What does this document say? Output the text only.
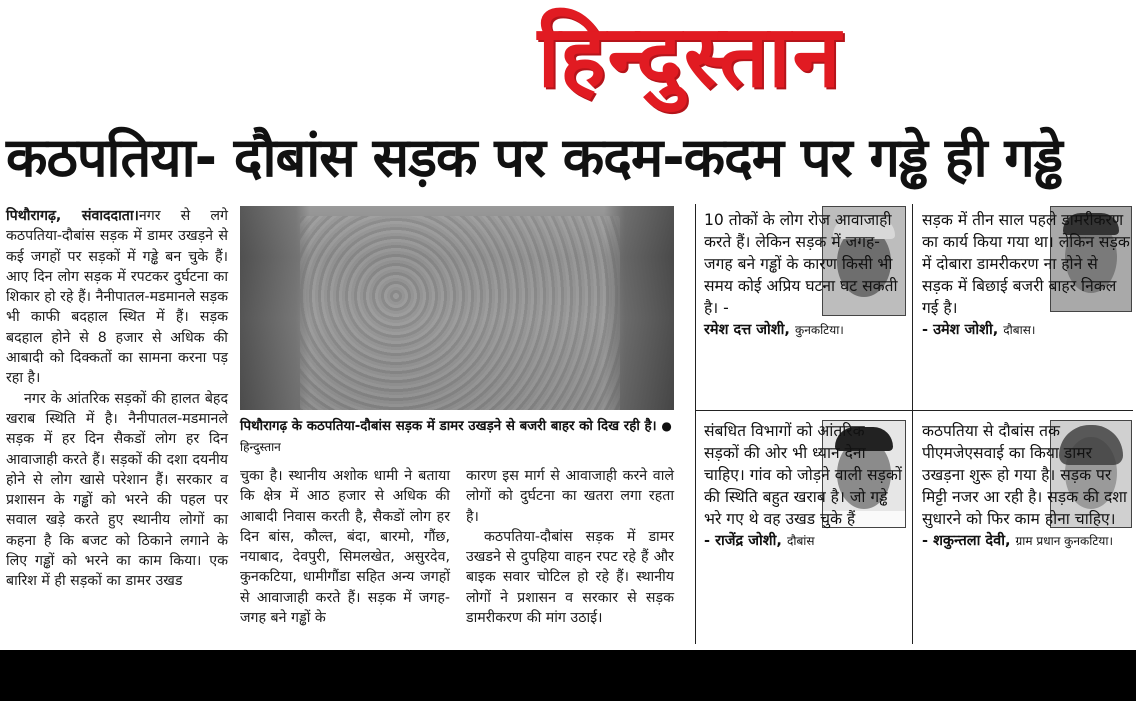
हिन्दुस्तान
कठपतिया- दौबांस सड़क पर कदम-कदम पर गड्ढे ही गड्ढे

पिथौरागढ़, संवाददाता।नगर से लगे कठपतिया-दौबांस सड़क में डामर उखड़ने से कई जगहों पर सड़कों में गड्ढे बन चुके हैं। आए दिन लोग सड़क में रपटकर दुर्घटना का शिकार हो रहे हैं। नैनीपातल-मडमानले सड़क भी काफी बदहाल स्थित में हैं। सड़क बदहाल होने से 8 हजार से अधिक की आबादी को दिक्कतों का सामना करना पड़ रहा है।

नगर के आंतरिक सड़कों की हालत बेहद खराब स्थिति में है। नैनीपातल-मडमानले सड़क में हर दिन सैकडों लोग हर दिन आवाजाही करते हैं। सड़कों की दशा दयनीय होने से लोग खासे परेशान हैं। सरकार व प्रशासन के गड्ढों को भरने की पहल पर सवाल खड़े करते हुए स्थानीय लोगों का कहना है कि बजट को ठिकाने लगाने के लिए गड्ढों को भरने का काम किया। एक बारिश में ही सड़कों का डामर उखड

पिथौरागढ़ के कठपतिया-दौबांस सड़क में डामर उखड़ने से बजरी बाहर को दिख रही है। ● हिन्दुस्तान

चुका है। स्थानीय अशोक धामी ने बताया कि क्षेत्र में आठ हजार से अधिक की आबादी निवास करती है, सैकडों लोग हर दिन बांस, कौल्त, बंदा, बारमो, गौंछ, नयाबाद, देवपुरी, सिमलखेत, असुरदेव, कुनकटिया, धामीगौंडा सहित अन्य जगहों से आवाजाही करते हैं। सड़क में जगह-जगह बने गड्ढों के

कारण इस मार्ग से आवाजाही करने वाले लोगों को दुर्घटना का खतरा लगा रहता है।

कठपतिया-दौबांस सड़क में डामर उखडने से दुपहिया वाहन रपट रहे हैं और बाइक सवार चोटिल हो रहे हैं। स्थानीय लोगों ने प्रशासन व सरकार से सड़क डामरीकरण की मांग उठाई।

10 तोकों के लोग रोज आवाजाही करते हैं। लेकिन सड़क में जगह-जगह बने गड्ढों के कारण किसी भी समय कोई अप्रिय घटना घट सकती है। -

रमेश दत्त जोशी, कुनकटिया।

सड़क में तीन साल पहले डामरीकरण का कार्य किया गया था। लेकिन सड़क में दोबारा डामरीकरण ना होने से सड़क में बिछाई बजरी बाहर निकल गई है।

- उमेश जोशी, दौबास।

संबधित विभागों को आंतरिक सड़कों की ओर भी ध्यान देना चाहिए। गांव को जोड़ने वाली सड़कों की स्थिति बहुत खराब है। जो गड्ढे भरे गए थे वह उखड चुके हैं

- राजेंद्र जोशी, दौबांस

कठपतिया से दौबांस तक पीएमजेएसवाई का किया डामर उखड़ना शुरू हो गया है। सड़क पर मिट्टी नजर आ रही है। सड़क की दशा सुधारने को फिर काम होना चाहिए।

- शकुन्तला देवी, ग्राम प्रधान कुनकटिया।
